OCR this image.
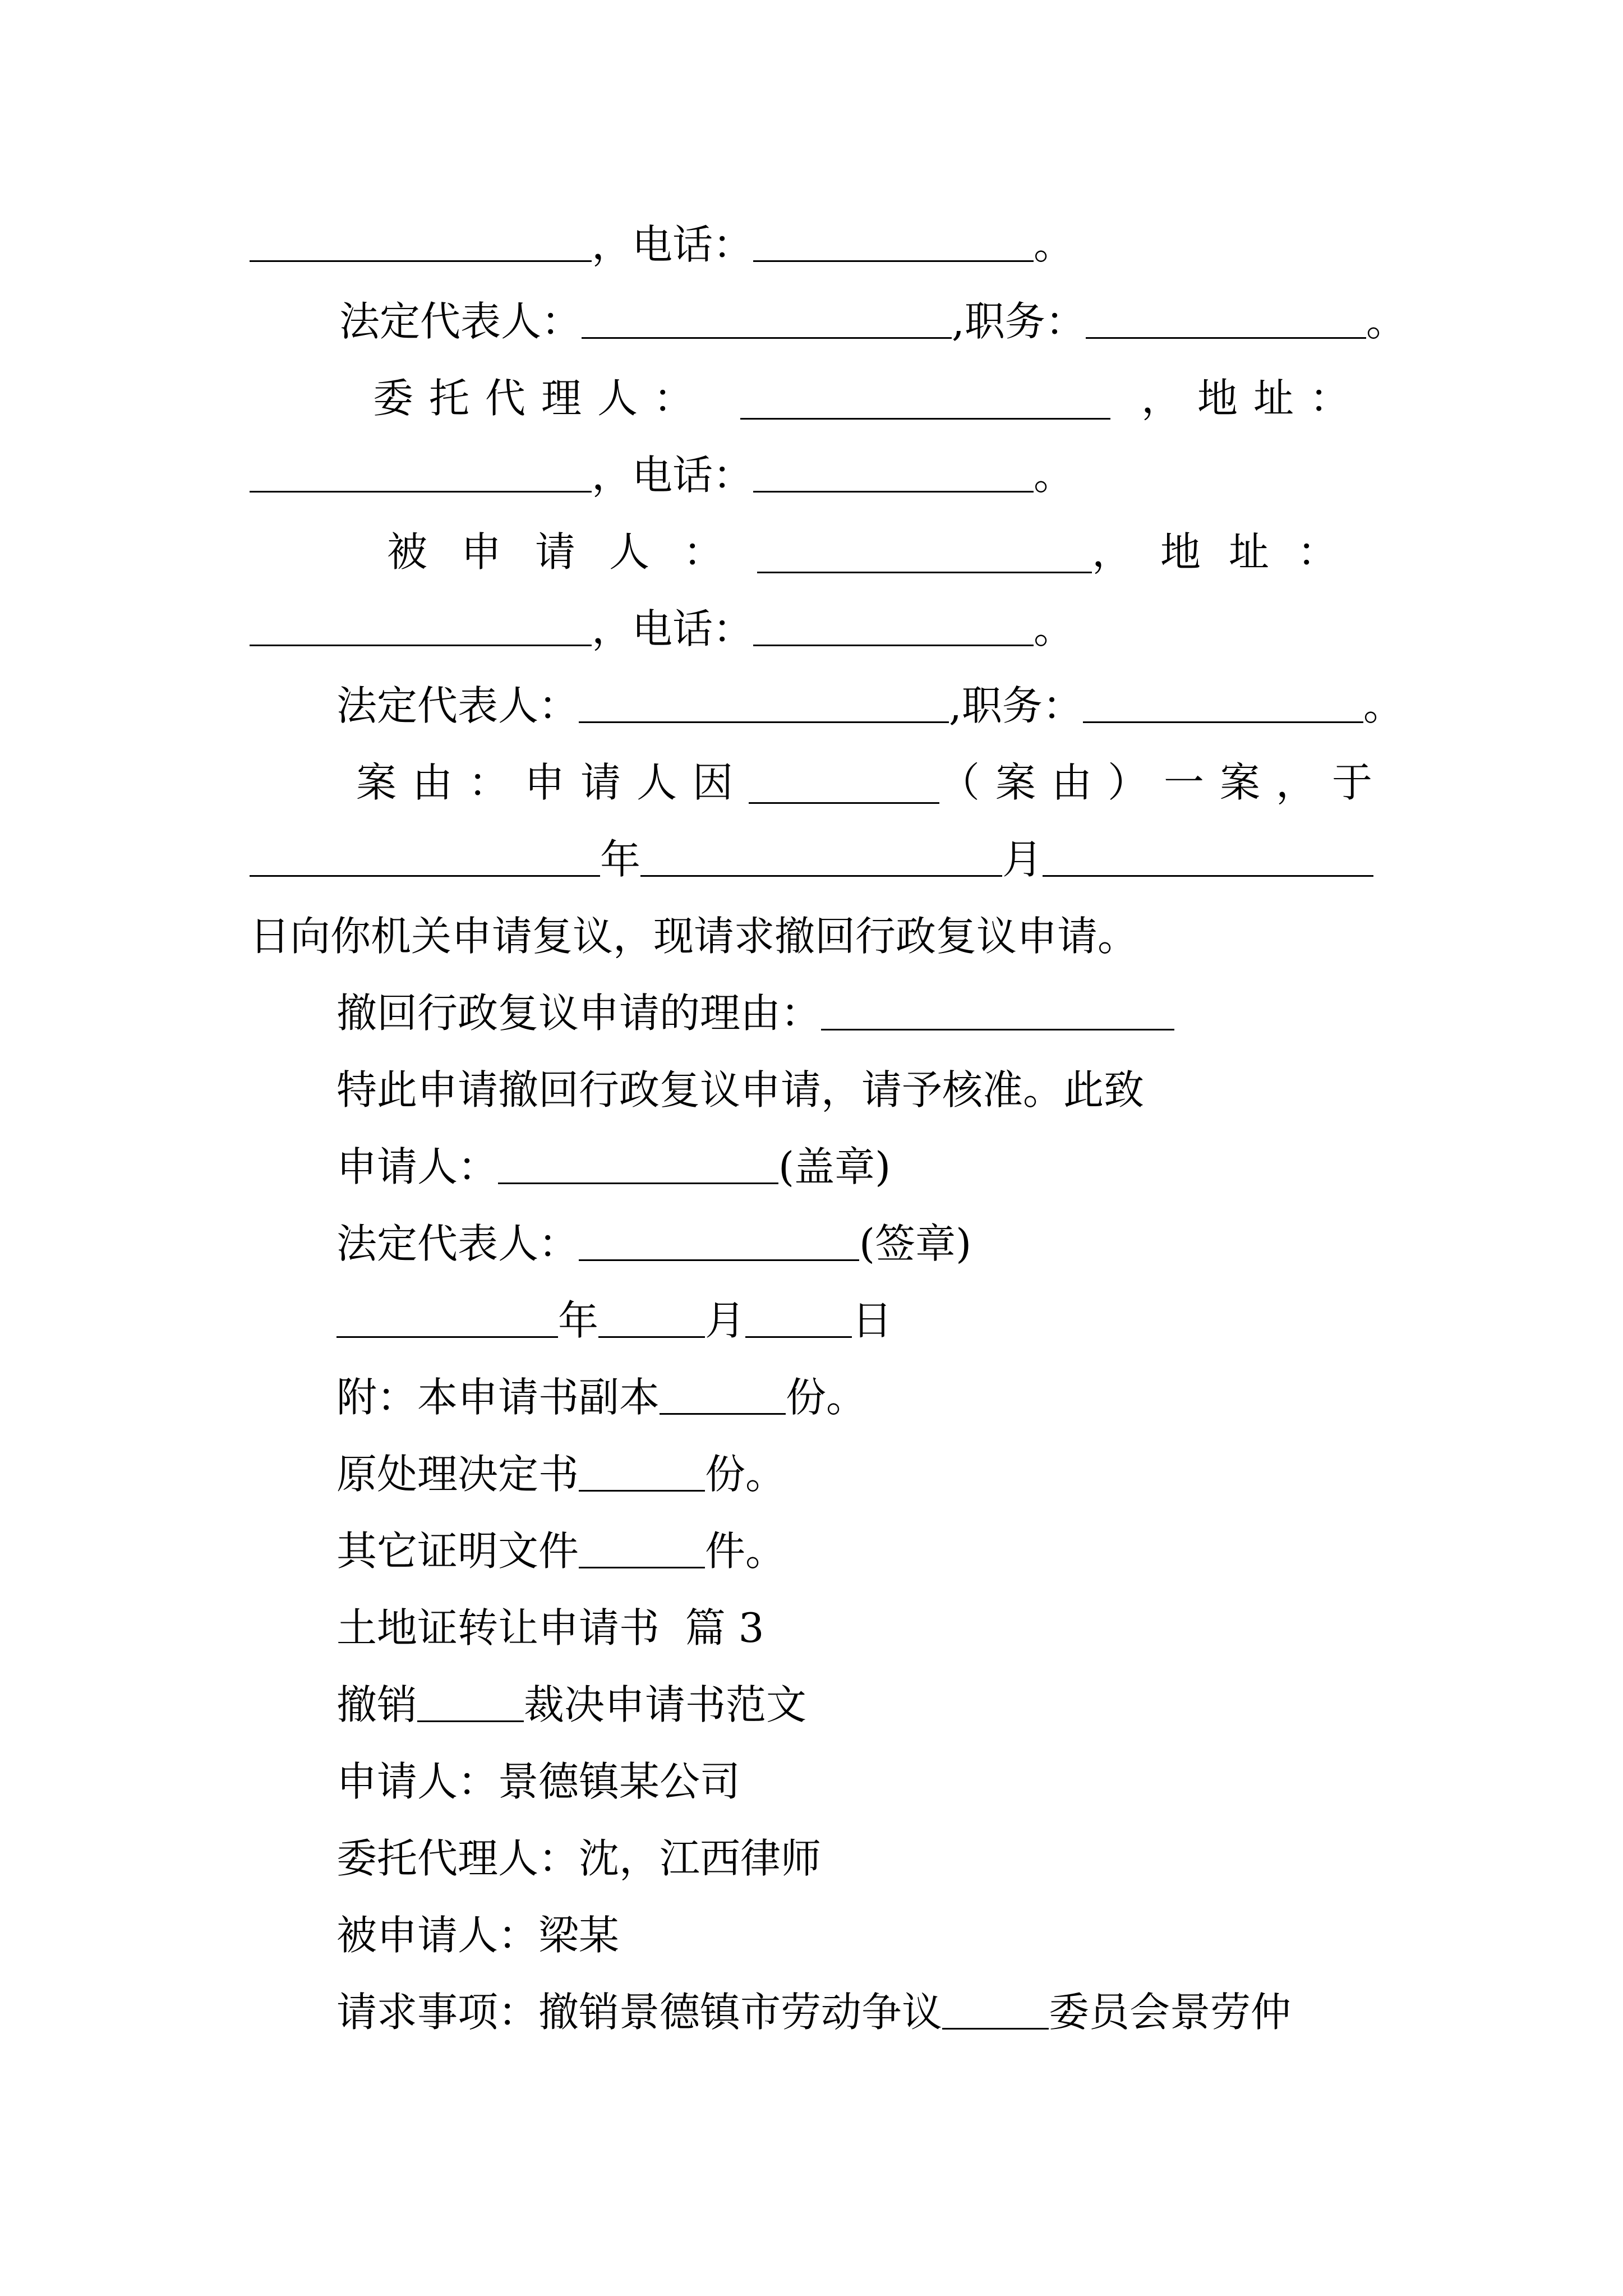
，电话：	。
法定代表人：	,职务：	。
委托代理人：	，地址：
，电话：	。
被申请人：	，地址：
，电话：	。
法定代表人：	,职务：	。
案由：申请人因	（案由）一案，于
年	月
日向你机关申请复议，现请求撤回行政复议申请。
撤回行政复议申请的理由：
特此申请撤回行政复议申请，请予核准。此致
申请人：	(盖章)
法定代表人：	(签章)
年	月	日
附：本申请书副本	份。
原处理决定书	份。
其它证明文件	件。
土地证转让申请书  篇 3
撤销	裁决申请书范文
申请人：景德镇某公司
委托代理人：沈，江西律师
被申请人：梁某
请求事项：撤销景德镇市劳动争议	委员会景劳仲
